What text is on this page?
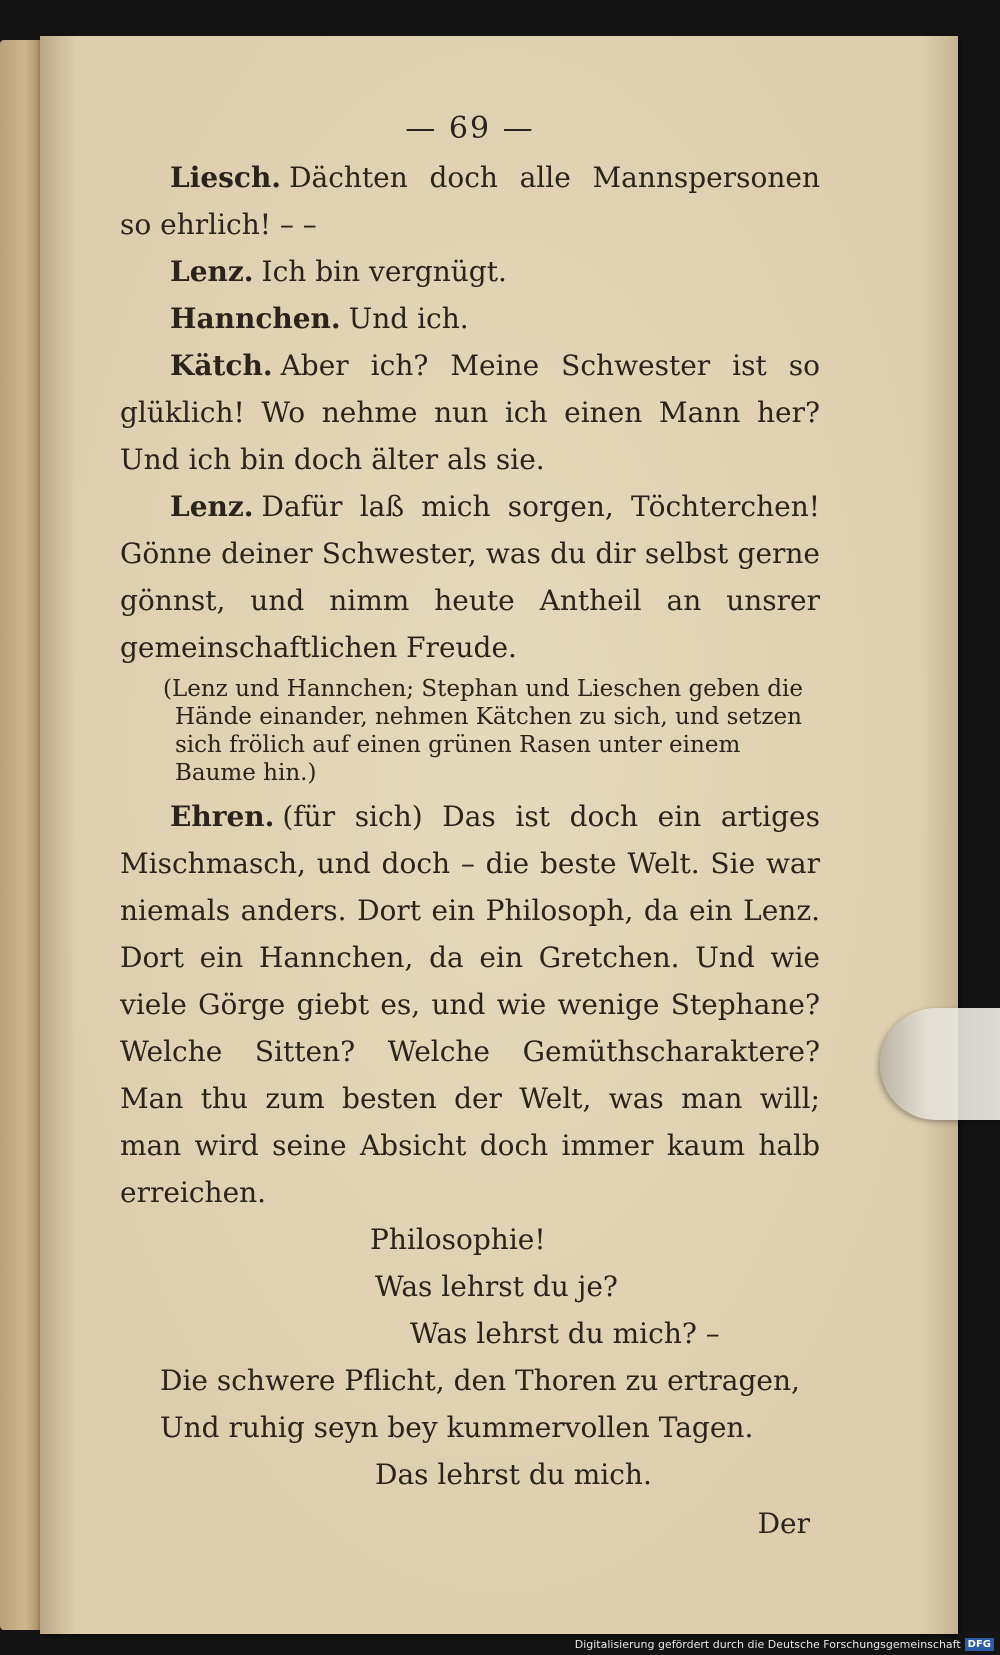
— 69 —

Liesch. Dächten doch alle Mannspersonen so ehrlich! – –

Lenz. Ich bin vergnügt.

Hannchen. Und ich.

Kätch. Aber ich? Meine Schwester ist so glüklich! Wo nehme nun ich einen Mann her? Und ich bin doch älter als sie.

Lenz. Dafür laß mich sorgen, Töchterchen! Gönne deiner Schwester, was du dir selbst gerne gönnst, und nimm heute Antheil an unsrer gemeinschaftlichen Freude.

(Lenz und Hannchen; Stephan und Lieschen geben die Hände einander, nehmen Kätchen zu sich, und setzen sich frölich auf einen grünen Rasen unter einem Baume hin.)

Ehren. (für sich) Das ist doch ein artiges Mischmasch, und doch – die beste Welt. Sie war niemals anders. Dort ein Philosoph, da ein Lenz. Dort ein Hannchen, da ein Gretchen. Und wie viele Görge giebt es, und wie wenige Stephane? Welche Sitten? Welche Gemüthscharaktere? Man thu zum besten der Welt, was man will; man wird seine Absicht doch immer kaum halb erreichen.

Philosophie!

Was lehrst du je?

Was lehrst du mich? –

Die schwere Pflicht, den Thoren zu ertragen,

Und ruhig seyn bey kummervollen Tagen.

Das lehrst du mich.

Der
Digitalisierung gefördert durch die Deutsche Forschungsgemeinschaft DFG
